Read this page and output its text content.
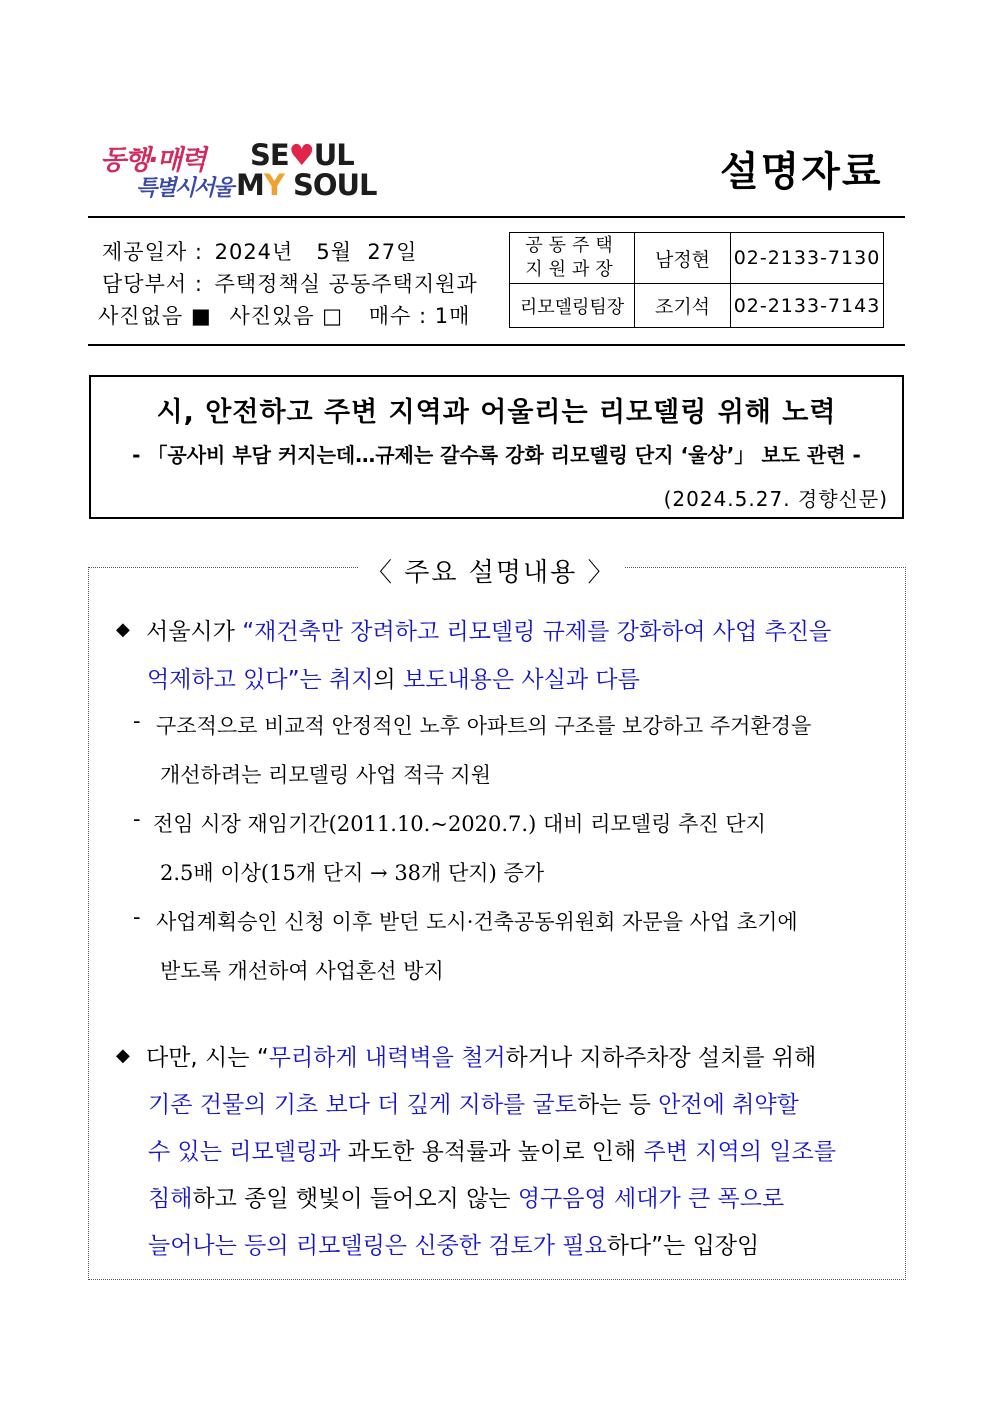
동행·매력
특별시서울
SE♥UL
MY SOUL	설명자료
제공일자 : 2024년   5월  27일
담당부서 : 주택정책실 공동주택지원과
사진없음 ■ 사진있음 □ 매수 : 1매
공동주택
지원과장	남정현	02-2133-7130
리모델링팀장	조기석	02-2133-7143
시, 안전하고 주변 지역과 어울리는 리모델링 위해 노력
- 「공사비 부담 커지는데…규제는 갈수록 강화 리모델링 단지 ‘울상’」 보도 관련 -
(2024.5.27. 경향신문)
〈 주요 설명내용 〉
◆ 서울시가 “재건축만 장려하고 리모델링 규제를 강화하여 사업 추진을
억제하고 있다”는 취지의 보도내용은 사실과 다름
- 구조적으로 비교적 안정적인 노후 아파트의 구조를 보강하고 주거환경을
개선하려는 리모델링 사업 적극 지원
- 전임 시장 재임기간(2011.10.~2020.7.) 대비 리모델링 추진 단지
2.5배 이상(15개 단지 → 38개 단지) 증가
- 사업계획승인 신청 이후 받던 도시·건축공동위원회 자문을 사업 초기에
받도록 개선하여 사업혼선 방지
◆ 다만, 시는 “무리하게 내력벽을 철거하거나 지하주차장 설치를 위해
기존 건물의 기초 보다 더 깊게 지하를 굴토하는 등 안전에 취약할
수 있는 리모델링과 과도한 용적률과 높이로 인해 주변 지역의 일조를
침해하고 종일 햇빛이 들어오지 않는 영구음영 세대가 큰 폭으로
늘어나는 등의 리모델링은 신중한 검토가 필요하다”는 입장임
